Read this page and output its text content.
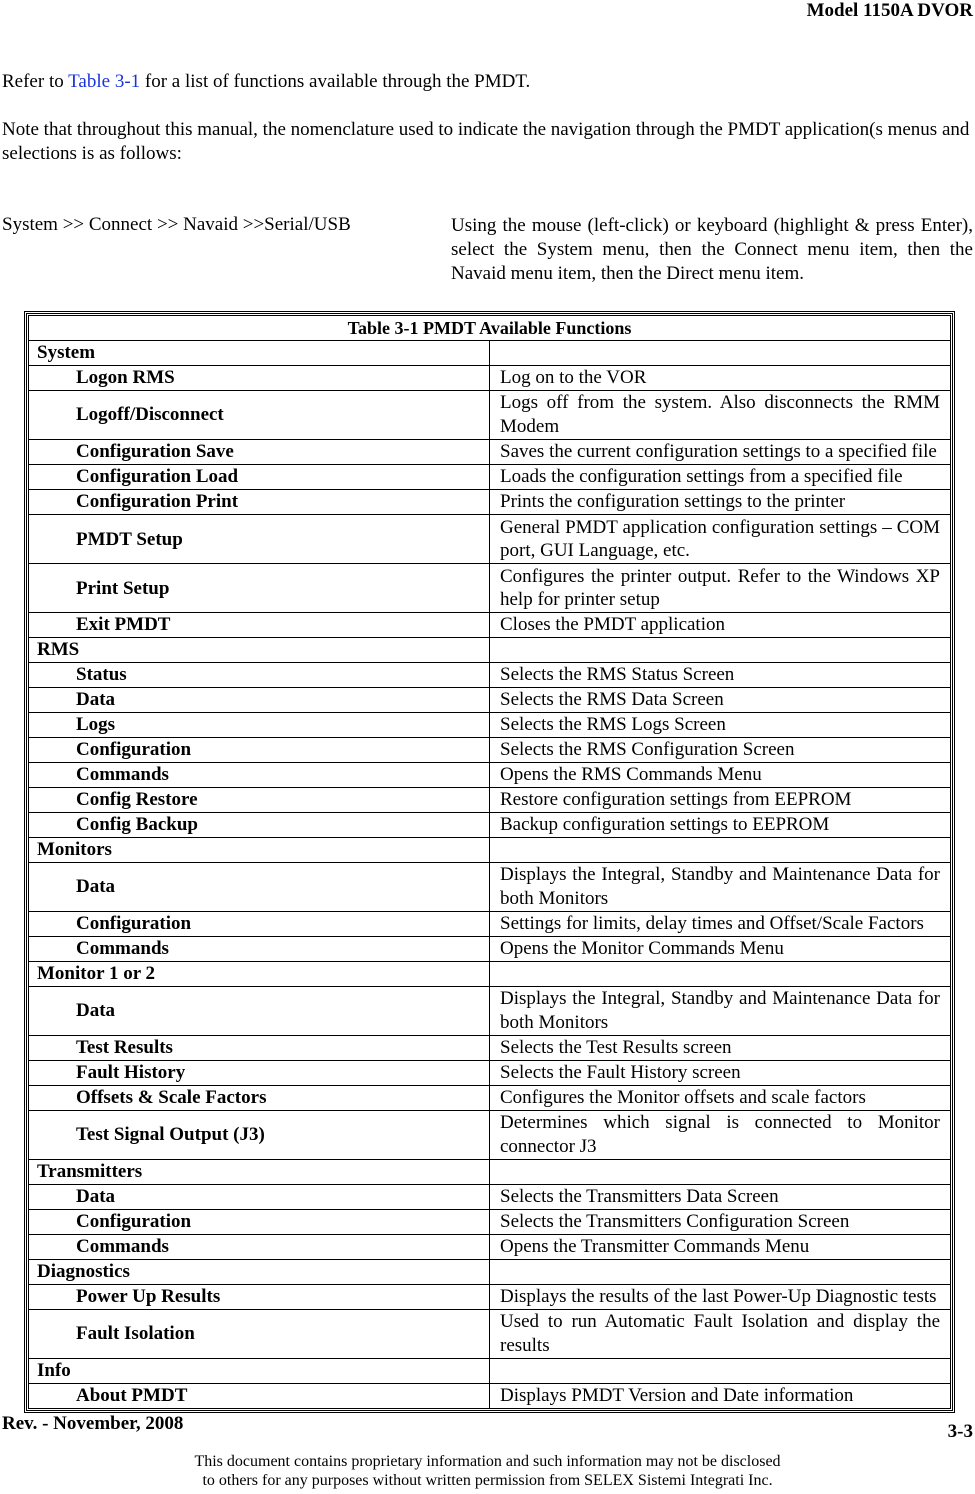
Model 1150A DVOR
Refer to Table 3-1 for a list of functions available through the PMDT.
Note that throughout this manual, the nomenclature used to indicate the navigation through the PMDT application(s menus and selections is as follows:
System >> Connect >> Navaid >>Serial/USB	Using the mouse (left-click) or keyboard (highlight & press Enter), select the System menu, then the Connect menu item, then the Navaid menu item, then the Direct menu item.
Table 3-1 PMDT Available Functions	
System	
Logon RMS	Log on to the VOR
Logoff/Disconnect	Logs off from the system. Also disconnects the RMM Modem
Configuration Save	Saves the current configuration settings to a specified file
Configuration Load	Loads the configuration settings from a specified file
Configuration Print	Prints the configuration settings to the printer
PMDT Setup	General PMDT application configuration settings – COM port, GUI Language, etc.
Print Setup	Configures the printer output. Refer to the Windows XP help for printer setup
Exit PMDT	Closes the PMDT application
RMS	
Status	Selects the RMS Status Screen
Data	Selects the RMS Data Screen
Logs	Selects the RMS Logs Screen
Configuration	Selects the RMS Configuration Screen
Commands	Opens the RMS Commands Menu
Config Restore	Restore configuration settings from EEPROM
Config Backup	Backup configuration settings to EEPROM
Monitors	
Data	Displays the Integral, Standby and Maintenance Data for both Monitors
Configuration	Settings for limits, delay times and Offset/Scale Factors
Commands	Opens the Monitor Commands Menu
Monitor 1 or 2	
Data	Displays the Integral, Standby and Maintenance Data for both Monitors
Test Results	Selects the Test Results screen
Fault History	Selects the Fault History screen
Offsets & Scale Factors	Configures the Monitor offsets and scale factors
Test Signal Output (J3)	Determines which signal is connected to Monitor connector J3
Transmitters	
Data	Selects the Transmitters Data Screen
Configuration	Selects the Transmitters Configuration Screen
Commands	Opens the Transmitter Commands Menu
Diagnostics	
Power Up Results	Displays the results of the last Power-Up Diagnostic tests
Fault Isolation	Used to run Automatic Fault Isolation and display the results
Info	
About PMDT	Displays PMDT Version and Date information
Rev. - November, 2008	3-3
This document contains proprietary information and such information may not be disclosed
to others for any purposes without written permission from SELEX Sistemi Integrati Inc.
